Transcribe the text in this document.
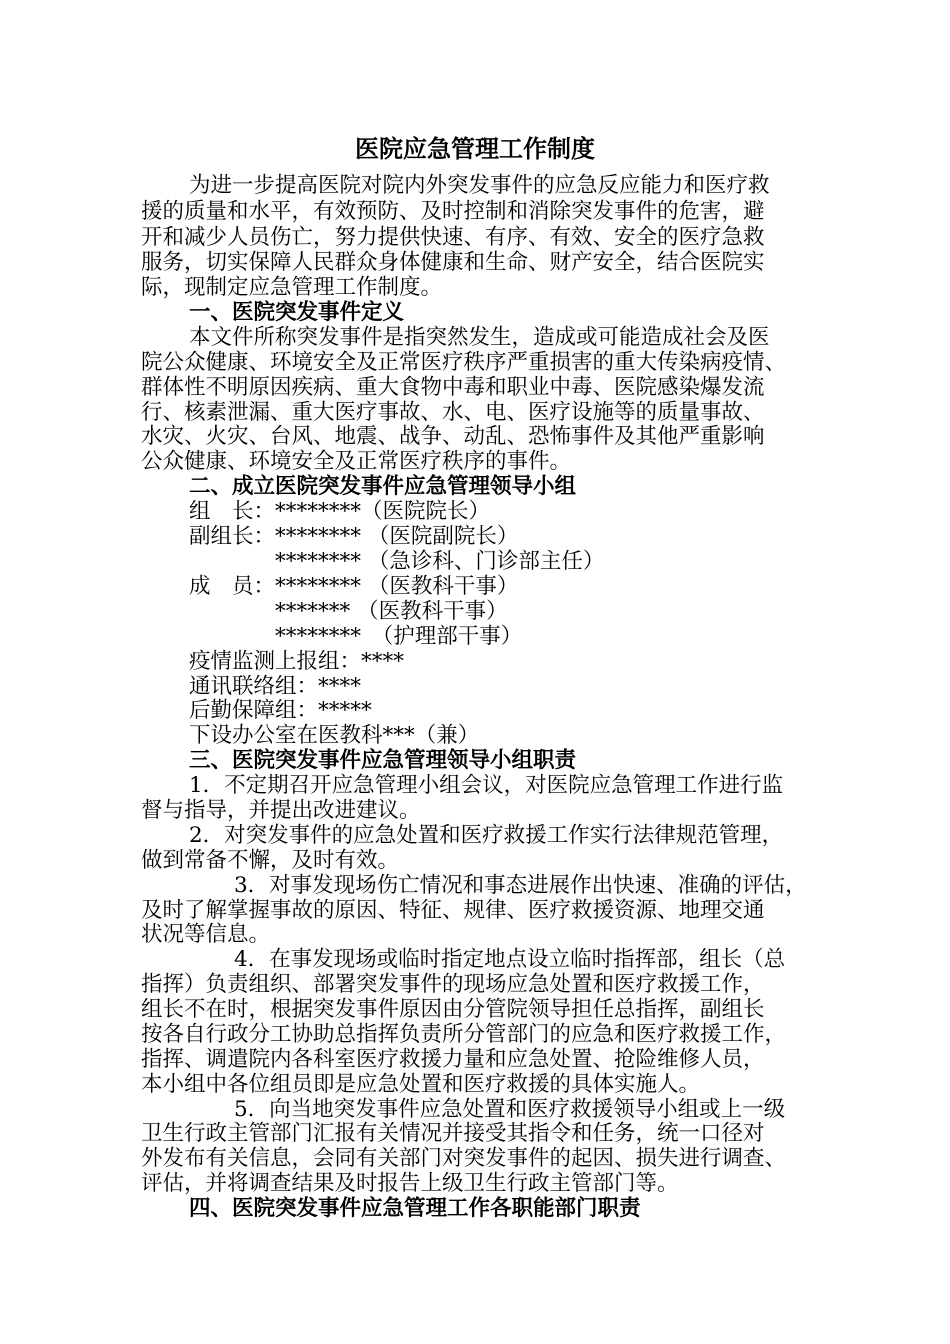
医院应急管理工作制度
为进一步提高医院对院内外突发事件的应急反应能力和医疗救
援的质量和水平，有效预防、及时控制和消除突发事件的危害，避
开和减少人员伤亡，努力提供快速、有序、有效、安全的医疗急救
服务，切实保障人民群众身体健康和生命、财产安全，结合医院实
际，现制定应急管理工作制度。
一、医院突发事件定义
本文件所称突发事件是指突然发生，造成或可能造成社会及医
院公众健康、环境安全及正常医疗秩序严重损害的重大传染病疫情、
群体性不明原因疾病、重大食物中毒和职业中毒、医院感染爆发流
行、核素泄漏、重大医疗事故、水、电、医疗设施等的质量事故、
水灾、火灾、台风、地震、战争、动乱、恐怖事件及其他严重影响
公众健康、环境安全及正常医疗秩序的事件。
二、成立医院突发事件应急管理领导小组
组　长：********（医院院长）
副组长：******** （医院副院长）
　　　　******** （急诊科、门诊部主任）
成　员：******** （医教科干事）
　　　　******* （医教科干事）
　　　　********　（护理部干事）
疫情监测上报组：****
通讯联络组：****
后勤保障组：*****
下设办公室在医教科***（兼）
三、医院突发事件应急管理领导小组职责
1．不定期召开应急管理小组会议，对医院应急管理工作进行监
督与指导，并提出改进建议。
2．对突发事件的应急处置和医疗救援工作实行法律规范管理，
做到常备不懈，及时有效。
3．对事发现场伤亡情况和事态进展作出快速、准确的评估，
及时了解掌握事故的原因、特征、规律、医疗救援资源、地理交通
状况等信息。
4．在事发现场或临时指定地点设立临时指挥部，组长（总
指挥）负责组织、部署突发事件的现场应急处置和医疗救援工作，
组长不在时，根据突发事件原因由分管院领导担任总指挥，副组长
按各自行政分工协助总指挥负责所分管部门的应急和医疗救援工作，
指挥、调遣院内各科室医疗救援力量和应急处置、抢险维修人员，
本小组中各位组员即是应急处置和医疗救援的具体实施人。
5．向当地突发事件应急处置和医疗救援领导小组或上一级
卫生行政主管部门汇报有关情况并接受其指令和任务，统一口径对
外发布有关信息，会同有关部门对突发事件的起因、损失进行调查、
评估，并将调查结果及时报告上级卫生行政主管部门等。
四、医院突发事件应急管理工作各职能部门职责
